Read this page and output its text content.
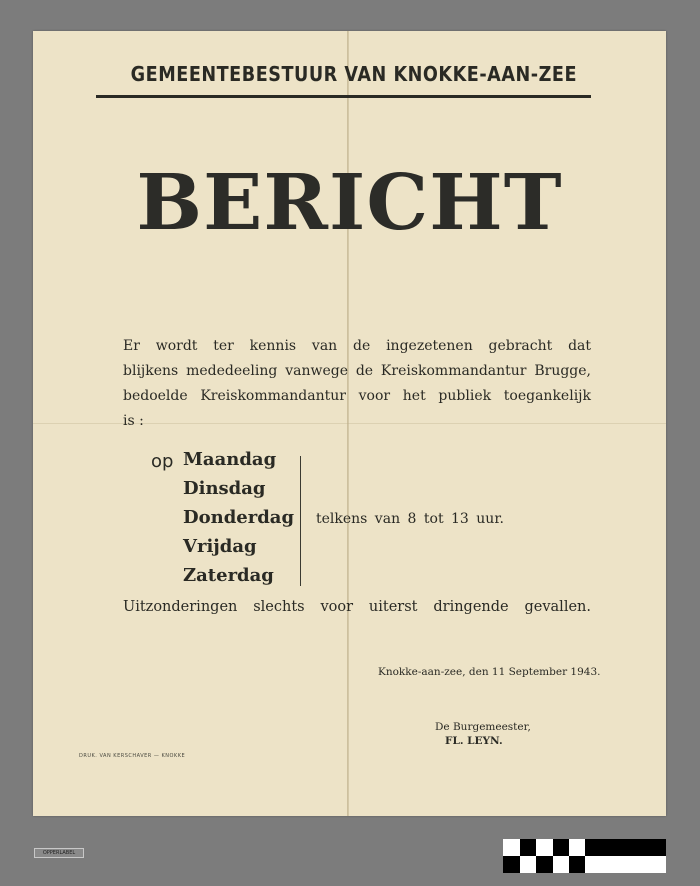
GEMEENTEBESTUUR VAN KNOKKE-AAN-ZEE
BERICHT
Er wordt ter kennis van de ingezetenen gebracht dat
blijkens mededeeling vanwege de Kreiskommandantur Brugge,
bedoelde Kreiskommandantur voor het publiek toegankelijk
is :
op Maandag
Dinsdag
Donderdag
Vrijdag
Zaterdag
telkens van 8 tot 13 uur.
Uitzonderingen slechts voor uiterst dringende gevallen.
Knokke-aan-zee, den 11 September 1943.
De Burgemeester,
FL. LEYN.
DRUK. VAN KERSCHAVER — KNOKKE
OPPERLABEL
